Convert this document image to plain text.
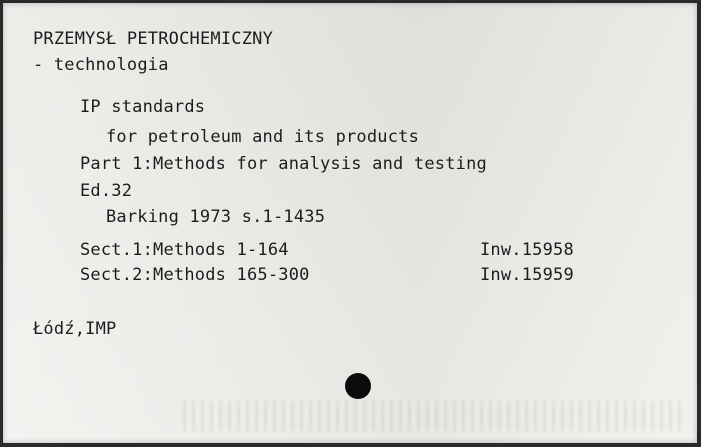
PRZEMYSŁ PETROCHEMICZNY
- technologia
IP standards
for petroleum and its products
Part 1:Methods for analysis and testing
Ed.32
Barking 1973 s.1-1435
Sect.1:Methods 1-164	Inw.15958
Sect.2:Methods 165-300	Inw.15959
Łódź,IMP
